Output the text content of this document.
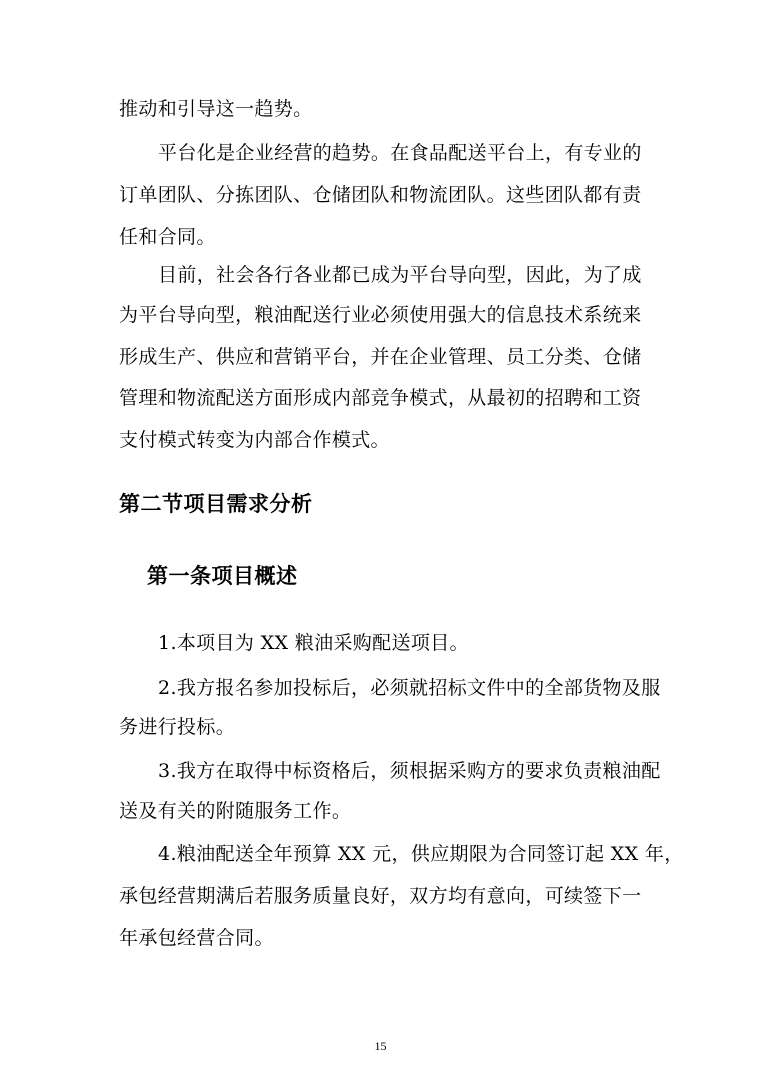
推动和引导这一趋势。
平台化是企业经营的趋势。在食品配送平台上，有专业的
订单团队、分拣团队、仓储团队和物流团队。这些团队都有责
任和合同。
目前，社会各行各业都已成为平台导向型，因此，为了成
为平台导向型，粮油配送行业必须使用强大的信息技术系统来
形成生产、供应和营销平台，并在企业管理、员工分类、仓储
管理和物流配送方面形成内部竞争模式，从最初的招聘和工资
支付模式转变为内部合作模式。
第二节项目需求分析
第一条项目概述
1.本项目为 XX 粮油采购配送项目。
2.我方报名参加投标后，必须就招标文件中的全部货物及服
务进行投标。
3.我方在取得中标资格后，须根据采购方的要求负责粮油配
送及有关的附随服务工作。
4.粮油配送全年预算 XX 元，供应期限为合同签订起 XX 年，
承包经营期满后若服务质量良好，双方均有意向，可续签下一
年承包经营合同。
15
